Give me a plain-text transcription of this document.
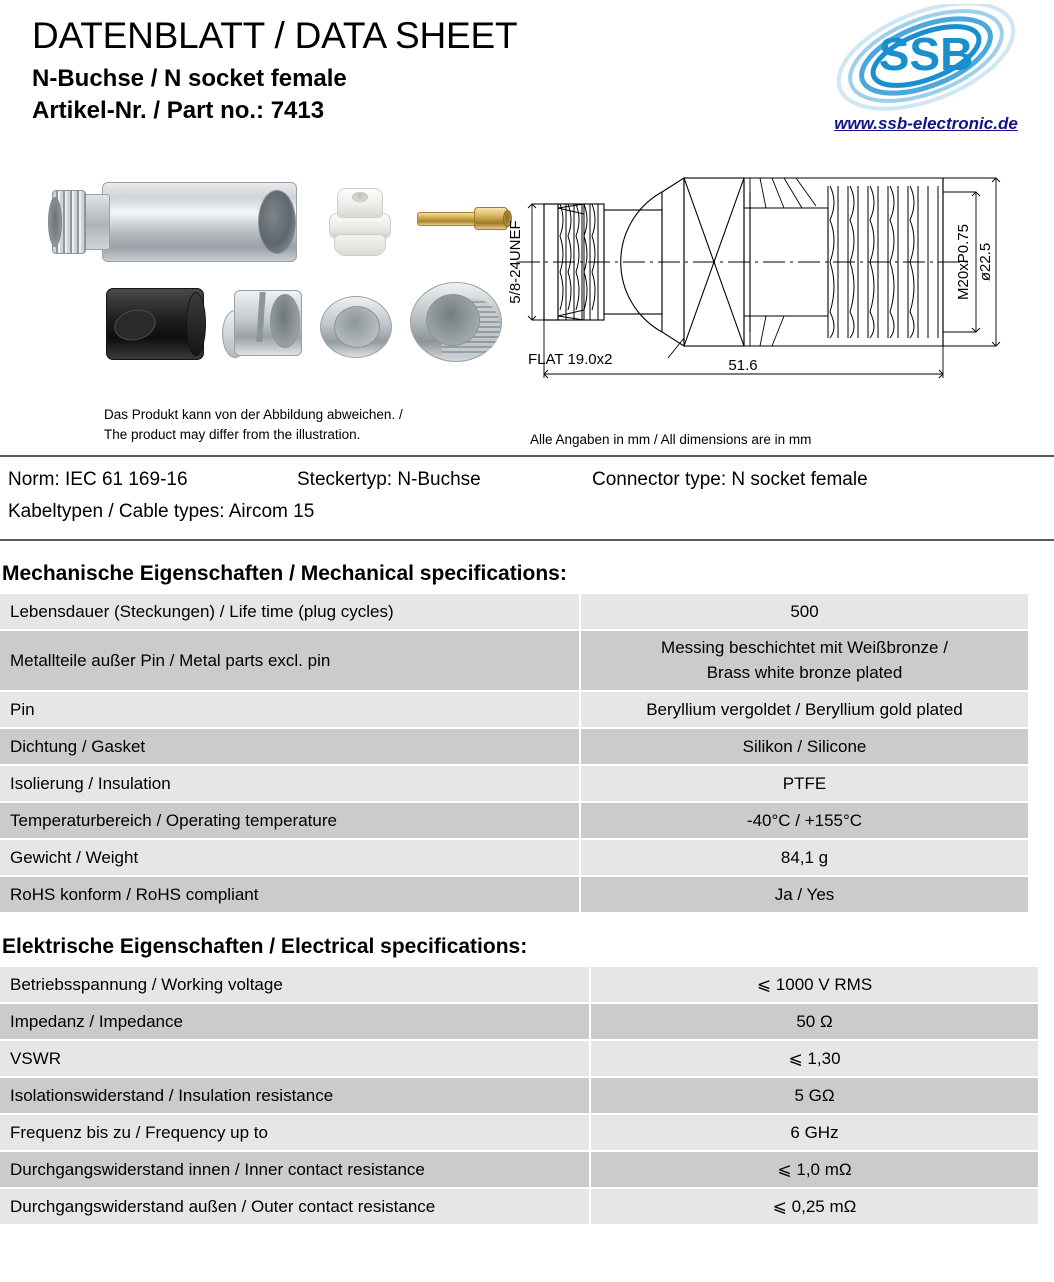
DATENBLATT / DATA SHEET
N-Buchse / N socket female
Artikel-Nr. / Part no.: 7413
SSB
www.ssb-electronic.de
5/8-24UNEF
FLAT 19.0x2	51.6
M20xP0.75 ø22.5
Das Produkt kann von der Abbildung abweichen. /
The product may differ from the illustration.	Alle Angaben in mm / All dimensions are in mm
Norm: IEC 61 169-16	Steckertyp: N-Buchse	Connector type: N socket female
Kabeltypen / Cable types: Aircom 15
Mechanische Eigenschaften / Mechanical specifications:
Lebensdauer (Steckungen) / Life time (plug cycles)	500
Metallteile außer Pin / Metal parts excl. pin	Messing beschichtet mit Weißbronze /
Brass white bronze plated

Pin	Beryllium vergoldet / Beryllium gold plated
Dichtung / Gasket	Silikon / Silicone
Isolierung / Insulation	PTFE
Temperaturbereich / Operating temperature	-40°C / +155°C
Gewicht / Weight	84,1 g
RoHS konform / RoHS compliant	Ja / Yes
Elektrische Eigenschaften / Electrical specifications:
Betriebsspannung / Working voltage	⩽ 1000 V RMS
Impedanz / Impedance	50 Ω
VSWR	⩽ 1,30
Isolationswiderstand / Insulation resistance	5 GΩ
Frequenz bis zu / Frequency up to	6 GHz
Durchgangswiderstand innen / Inner contact resistance	⩽ 1,0 mΩ
Durchgangswiderstand außen / Outer contact resistance	⩽ 0,25 mΩ
